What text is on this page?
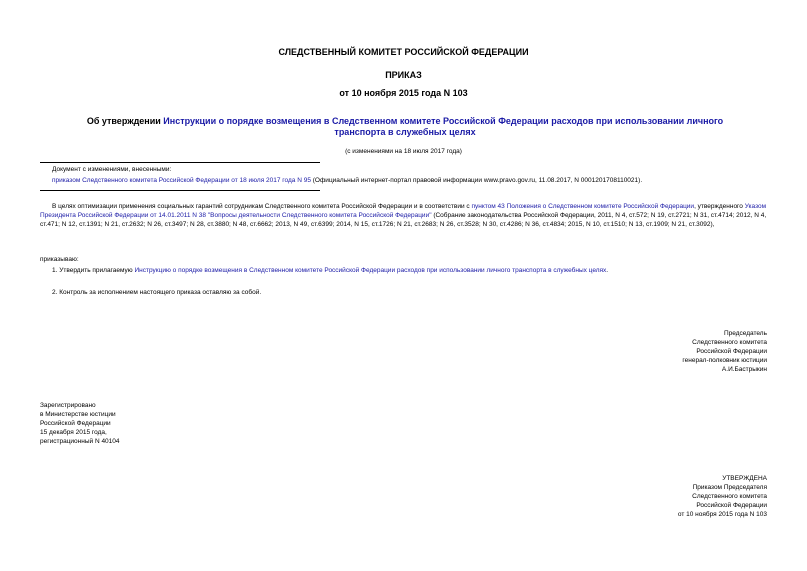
СЛЕДСТВЕННЫЙ КОМИТЕТ РОССИЙСКОЙ ФЕДЕРАЦИИ
ПРИКАЗ
от 10 ноября 2015 года N 103
Об утверждении Инструкции о порядке возмещения в Следственном комитете Российской Федерации расходов при использовании личного транспорта в служебных целях
(с изменениями на 18 июля 2017 года)
Документ с изменениями, внесенными:
приказом Следственного комитета Российской Федерации от 18 июля 2017 года N 95 (Официальный интернет-портал правовой информации www.pravo.gov.ru, 11.08.2017, N 0001201708110021).
В целях оптимизации применения социальных гарантий сотрудникам Следственного комитета Российской Федерации и в соответствии с пунктом 43 Положения о Следственном комитете Российской Федерации, утвержденного Указом Президента Российской Федерации от 14.01.2011 N 38 "Вопросы деятельности Следственного комитета Российской Федерации" (Собрание законодательства Российской Федерации, 2011, N 4, ст.572; N 19, ст.2721; N 31, ст.4714; 2012, N 4, ст.471; N 12, ст.1391; N 21, ст.2632; N 26, ст.3497; N 28, ст.3880; N 48, ст.6662; 2013, N 49, ст.6399; 2014, N 15, ст.1726; N 21, ст.2683; N 26, ст.3528; N 30, ст.4286; N 36, ст.4834; 2015, N 10, ст.1510; N 13, ст.1909; N 21, ст.3092),
приказываю:
1. Утвердить прилагаемую Инструкцию о порядке возмещения в Следственном комитете Российской Федерации расходов при использовании личного транспорта в служебных целях.
2. Контроль за исполнением настоящего приказа оставляю за собой.
Председатель
Следственного комитета
Российской Федерации
генерал-полковник юстиции
А.И.Бастрыкин
Зарегистрировано
в Министерстве юстиции
Российской Федерации
15 декабря 2015 года,
регистрационный N 40104
УТВЕРЖДЕНА
Приказом Председателя
Следственного комитета
Российской Федерации
от 10 ноября 2015 года N 103
